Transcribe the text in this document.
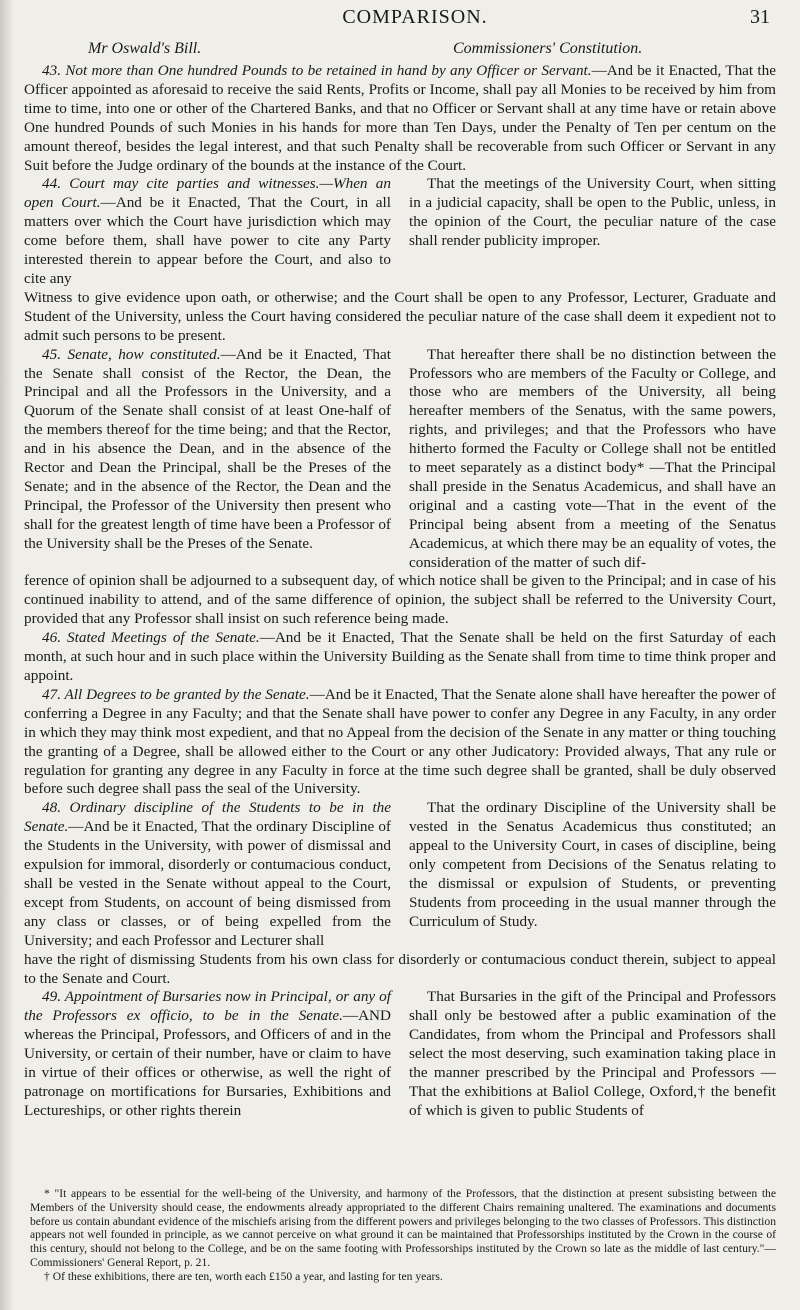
COMPARISON.	31
Mr Oswald's Bill.	Commissioners' Constitution.

43. Not more than One hundred Pounds to be retained in hand by any Officer or Servant.—And be it Enacted, That the Officer appointed as aforesaid to receive the said Rents, Profits or Income, shall pay all Monies to be received by him from time to time, into one or other of the Chartered Banks, and that no Officer or Servant shall at any time have or retain above One hundred Pounds of such Monies in his hands for more than Ten Days, under the Penalty of Ten per centum on the amount thereof, besides the legal interest, and that such Penalty shall be recoverable from such Officer or Servant in any Suit before the Judge ordinary of the bounds at the instance of the Court.

44. Court may cite parties and witnesses.—When an open Court.—And be it Enacted, That the Court, in all matters over which the Court have jurisdiction which may come before them, shall have power to cite any Party interested therein to appear before the Court, and also to cite any

That the meetings of the University Court, when sitting in a judicial capacity, shall be open to the Public, unless, in the opinion of the Court, the peculiar nature of the case shall render publicity improper.

Witness to give evidence upon oath, or otherwise; and the Court shall be open to any Professor, Lecturer, Graduate and Student of the University, unless the Court having considered the peculiar nature of the case shall deem it expedient not to admit such persons to be present.

45. Senate, how constituted.—And be it Enacted, That the Senate shall consist of the Rector, the Dean, the Principal and all the Professors in the University, and a Quorum of the Senate shall consist of at least One-half of the members thereof for the time being; and that the Rector, and in his absence the Dean, and in the absence of the Rector and Dean the Principal, shall be the Preses of the Senate; and in the absence of the Rector, the Dean and the Principal, the Professor of the University then present who shall for the greatest length of time have been a Professor of the University shall be the Preses of the Senate.

That hereafter there shall be no distinction between the Professors who are members of the Faculty or College, and those who are members of the University, all being hereafter members of the Senatus, with the same powers, rights, and privileges; and that the Professors who have hitherto formed the Faculty or College shall not be entitled to meet separately as a distinct body* —That the Principal shall preside in the Senatus Academicus, and shall have an original and a casting vote—That in the event of the Principal being absent from a meeting of the Senatus Academicus, at which there may be an equality of votes, the consideration of the matter of such dif-

ference of opinion shall be adjourned to a subsequent day, of which notice shall be given to the Principal; and in case of his continued inability to attend, and of the same difference of opinion, the subject shall be referred to the University Court, provided that any Professor shall insist on such reference being made.

46. Stated Meetings of the Senate.—And be it Enacted, That the Senate shall be held on the first Saturday of each month, at such hour and in such place within the University Building as the Senate shall from time to time think proper and appoint.

47. All Degrees to be granted by the Senate.—And be it Enacted, That the Senate alone shall have hereafter the power of conferring a Degree in any Faculty; and that the Senate shall have power to confer any Degree in any Faculty, in any order in which they may think most expedient, and that no Appeal from the decision of the Senate in any matter or thing touching the granting of a Degree, shall be allowed either to the Court or any other Judicatory: Provided always, That any rule or regulation for granting any degree in any Faculty in force at the time such degree shall be granted, shall be duly observed before such degree shall pass the seal of the University.

48. Ordinary discipline of the Students to be in the Senate.—And be it Enacted, That the ordinary Discipline of the Students in the University, with power of dismissal and expulsion for immoral, disorderly or contumacious conduct, shall be vested in the Senate without appeal to the Court, except from Students, on account of being dismissed from any class or classes, or of being expelled from the University; and each Professor and Lecturer shall

That the ordinary Discipline of the University shall be vested in the Senatus Academicus thus constituted; an appeal to the University Court, in cases of discipline, being only competent from Decisions of the Senatus relating to the dismissal or expulsion of Students, or preventing Students from proceeding in the usual manner through the Curriculum of Study.

have the right of dismissing Students from his own class for disorderly or contumacious conduct therein, subject to appeal to the Senate and Court.

49. Appointment of Bursaries now in Principal, or any of the Professors ex officio, to be in the Senate.—AND whereas the Principal, Professors, and Officers of and in the University, or certain of their number, have or claim to have in virtue of their offices or otherwise, as well the right of patronage on mortifications for Bursaries, Exhibitions and Lectureships, or other rights therein

That Bursaries in the gift of the Principal and Professors shall only be bestowed after a public examination of the Candidates, from whom the Principal and Professors shall select the most deserving, such examination taking place in the manner prescribed by the Principal and Professors —That the exhibitions at Baliol College, Oxford,† the benefit of which is given to public Students of

* "It appears to be essential for the well-being of the University, and harmony of the Professors, that the distinction at present subsisting between the Members of the University should cease, the endowments already appropriated to the different Chairs remaining unaltered. The examinations and documents before us contain abundant evidence of the mischiefs arising from the different powers and privileges belonging to the two classes of Professors. This distinction appears not well founded in principle, as we cannot perceive on what ground it can be maintained that Professorships instituted by the Crown in the course of this century, should not belong to the College, and be on the same footing with Professorships instituted by the Crown so late as the middle of last century."—Commissioners' General Report, p. 21.

† Of these exhibitions, there are ten, worth each £150 a year, and lasting for ten years.
